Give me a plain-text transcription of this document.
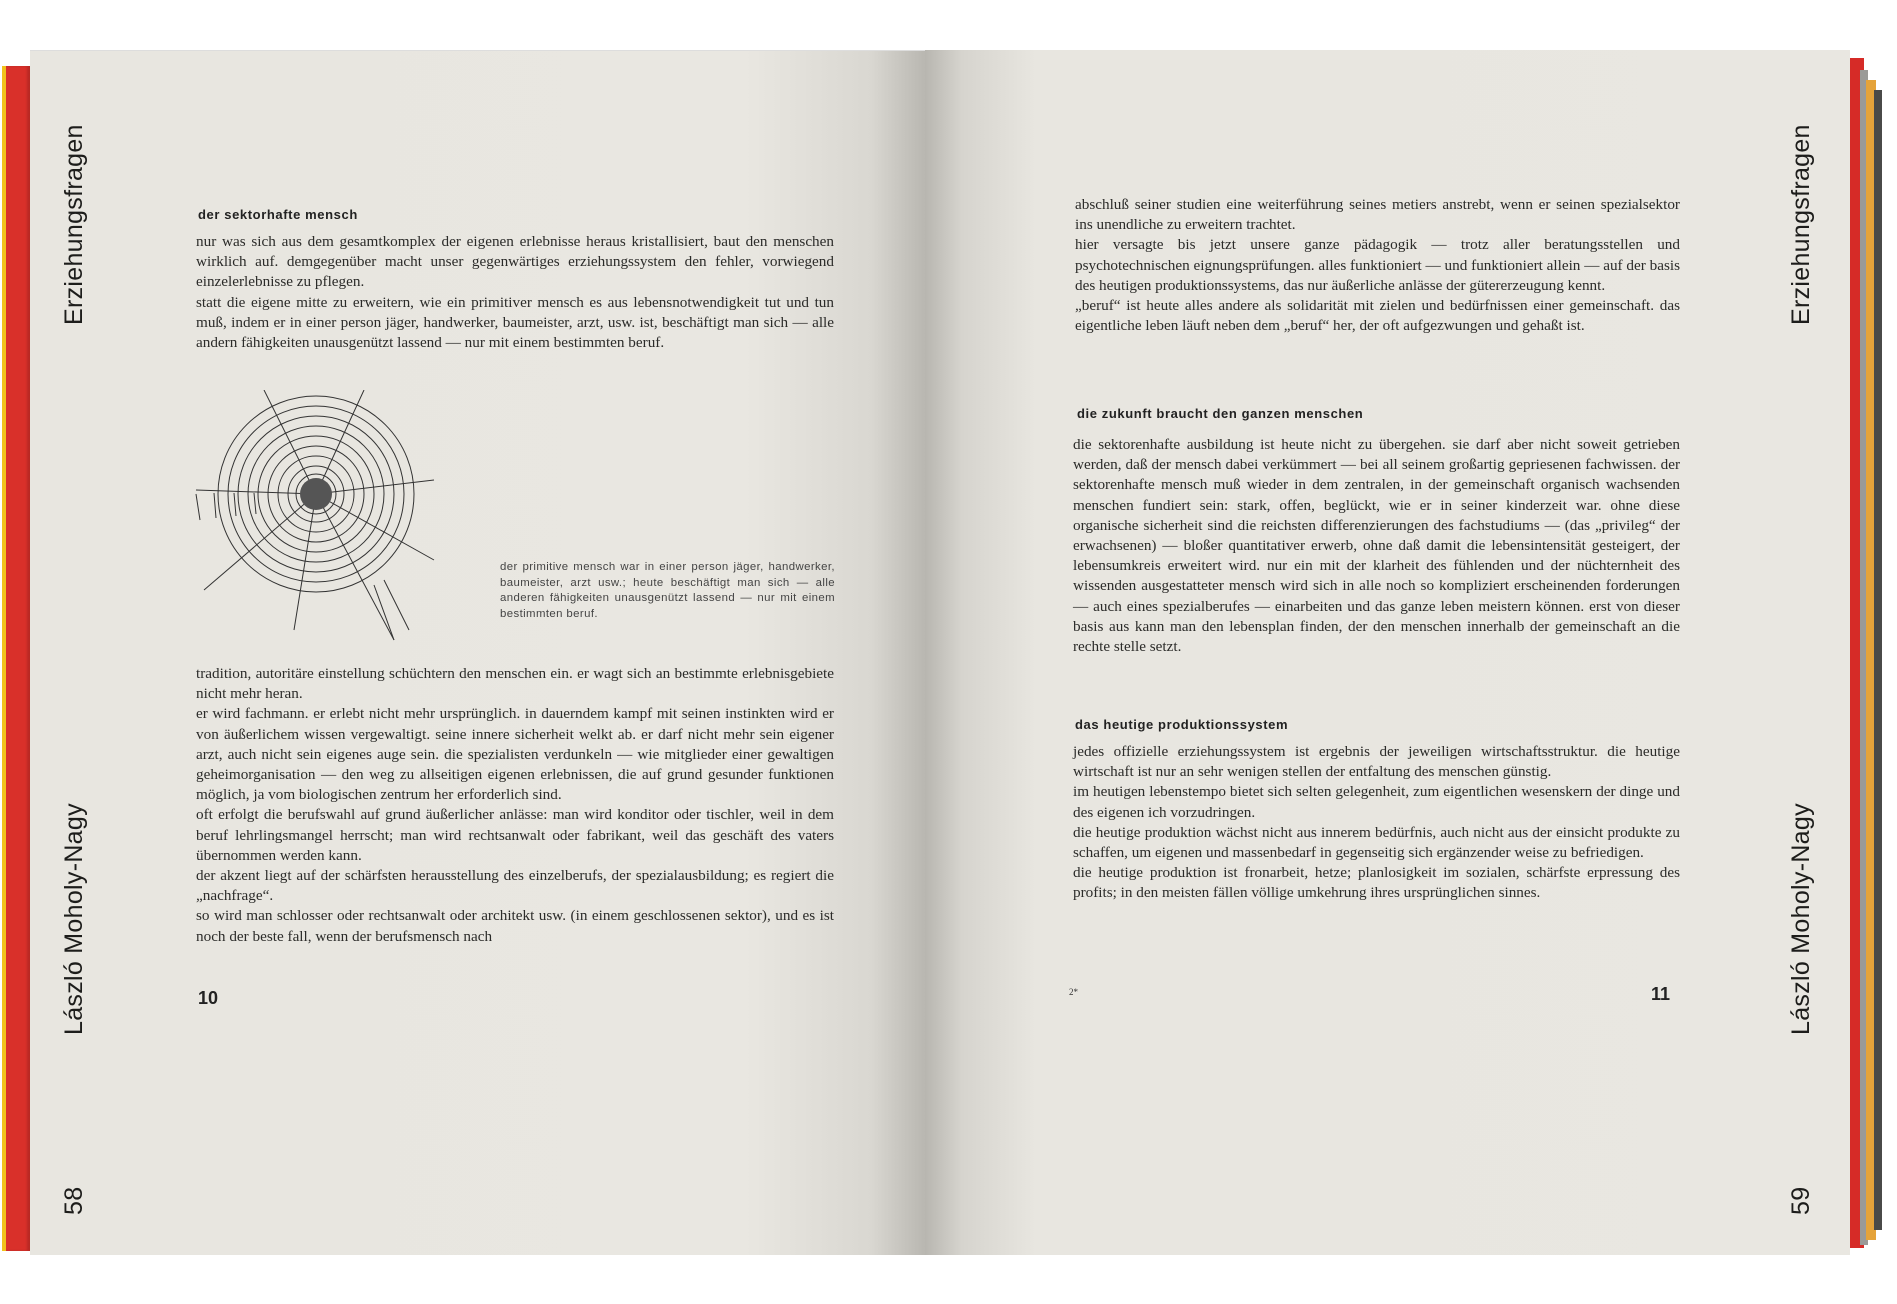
Erziehungsfragen
László Moholy-Nagy
58
der sektorhafte mensch

nur was sich aus dem gesamtkomplex der eigenen erlebnisse heraus kristallisiert, baut den menschen wirklich auf. demgegenüber macht unser gegenwärtiges erziehungssystem den fehler, vorwiegend einzelerlebnisse zu pflegen.

statt die eigene mitte zu erweitern, wie ein primitiver mensch es aus lebensnotwendigkeit tut und tun muß, indem er in einer person jäger, handwerker, baumeister, arzt, usw. ist, beschäftigt man sich — alle andern fähigkeiten unausgenützt lassend — nur mit einem bestimmten beruf.

der primitive mensch war in einer person jäger, handwerker, baumeister, arzt usw.; heute beschäftigt man sich — alle anderen fähigkeiten unausgenützt lassend — nur mit einem bestimmten beruf.

tradition, autoritäre einstellung schüchtern den menschen ein. er wagt sich an bestimmte erlebnisgebiete nicht mehr heran.

er wird fachmann. er erlebt nicht mehr ursprünglich. in dauerndem kampf mit seinen instinkten wird er von äußerlichem wissen vergewaltigt. seine innere sicherheit welkt ab. er darf nicht mehr sein eigener arzt, auch nicht sein eigenes auge sein. die spezialisten verdunkeln — wie mitglieder einer gewaltigen geheimorganisation — den weg zu allseitigen eigenen erlebnissen, die auf grund gesunder funktionen möglich, ja vom biologischen zentrum her erforderlich sind.

oft erfolgt die berufswahl auf grund äußerlicher anlässe: man wird konditor oder tischler, weil in dem beruf lehrlingsmangel herrscht; man wird rechtsanwalt oder fabrikant, weil das geschäft des vaters übernommen werden kann.

der akzent liegt auf der schärfsten herausstellung des einzelberufs, der spezialausbildung; es regiert die „nachfrage“.

so wird man schlosser oder rechtsanwalt oder architekt usw. (in einem geschlossenen sektor), und es ist noch der beste fall, wenn der berufsmensch nach

10

abschluß seiner studien eine weiterführung seines metiers anstrebt, wenn er seinen spezialsektor ins unendliche zu erweitern trachtet.

hier versagte bis jetzt unsere ganze pädagogik — trotz aller beratungsstellen und psychotechnischen eignungsprüfungen. alles funktioniert — und funktioniert allein — auf der basis des heutigen produktionssystems, das nur äußerliche anlässe der gütererzeugung kennt.

„beruf“ ist heute alles andere als solidarität mit zielen und bedürfnissen einer gemeinschaft. das eigentliche leben läuft neben dem „beruf“ her, der oft aufgezwungen und gehaßt ist.

die zukunft braucht den ganzen menschen

die sektorenhafte ausbildung ist heute nicht zu übergehen. sie darf aber nicht soweit getrieben werden, daß der mensch dabei verkümmert — bei all seinem großartig gepriesenen fachwissen. der sektorenhafte mensch muß wieder in dem zentralen, in der gemeinschaft organisch wachsenden menschen fundiert sein: stark, offen, beglückt, wie er in seiner kinderzeit war. ohne diese organische sicherheit sind die reichsten differenzierungen des fachstudiums — (das „privileg“ der erwachsenen) — bloßer quantitativer erwerb, ohne daß damit die lebensintensität gesteigert, der lebensumkreis erweitert wird. nur ein mit der klarheit des fühlenden und der nüchternheit des wissenden ausgestatteter mensch wird sich in alle noch so kompliziert erscheinenden forderungen — auch eines spezialberufes — einarbeiten und das ganze leben meistern können. erst von dieser basis aus kann man den lebensplan finden, der den menschen innerhalb der gemeinschaft an die rechte stelle setzt.

das heutige produktionssystem

jedes offizielle erziehungssystem ist ergebnis der jeweiligen wirtschaftsstruktur. die heutige wirtschaft ist nur an sehr wenigen stellen der entfaltung des menschen günstig.

im heutigen lebenstempo bietet sich selten gelegenheit, zum eigentlichen wesenskern der dinge und des eigenen ich vorzudringen.

die heutige produktion wächst nicht aus innerem bedürfnis, auch nicht aus der einsicht produkte zu schaffen, um eigenen und massenbedarf in gegenseitig sich ergänzender weise zu befriedigen.

die heutige produktion ist fronarbeit, hetze; planlosigkeit im sozialen, schärfste erpressung des profits; in den meisten fällen völlige umkehrung ihres ursprünglichen sinnes.

2*	11
Erziehungsfragen
László Moholy-Nagy
59
